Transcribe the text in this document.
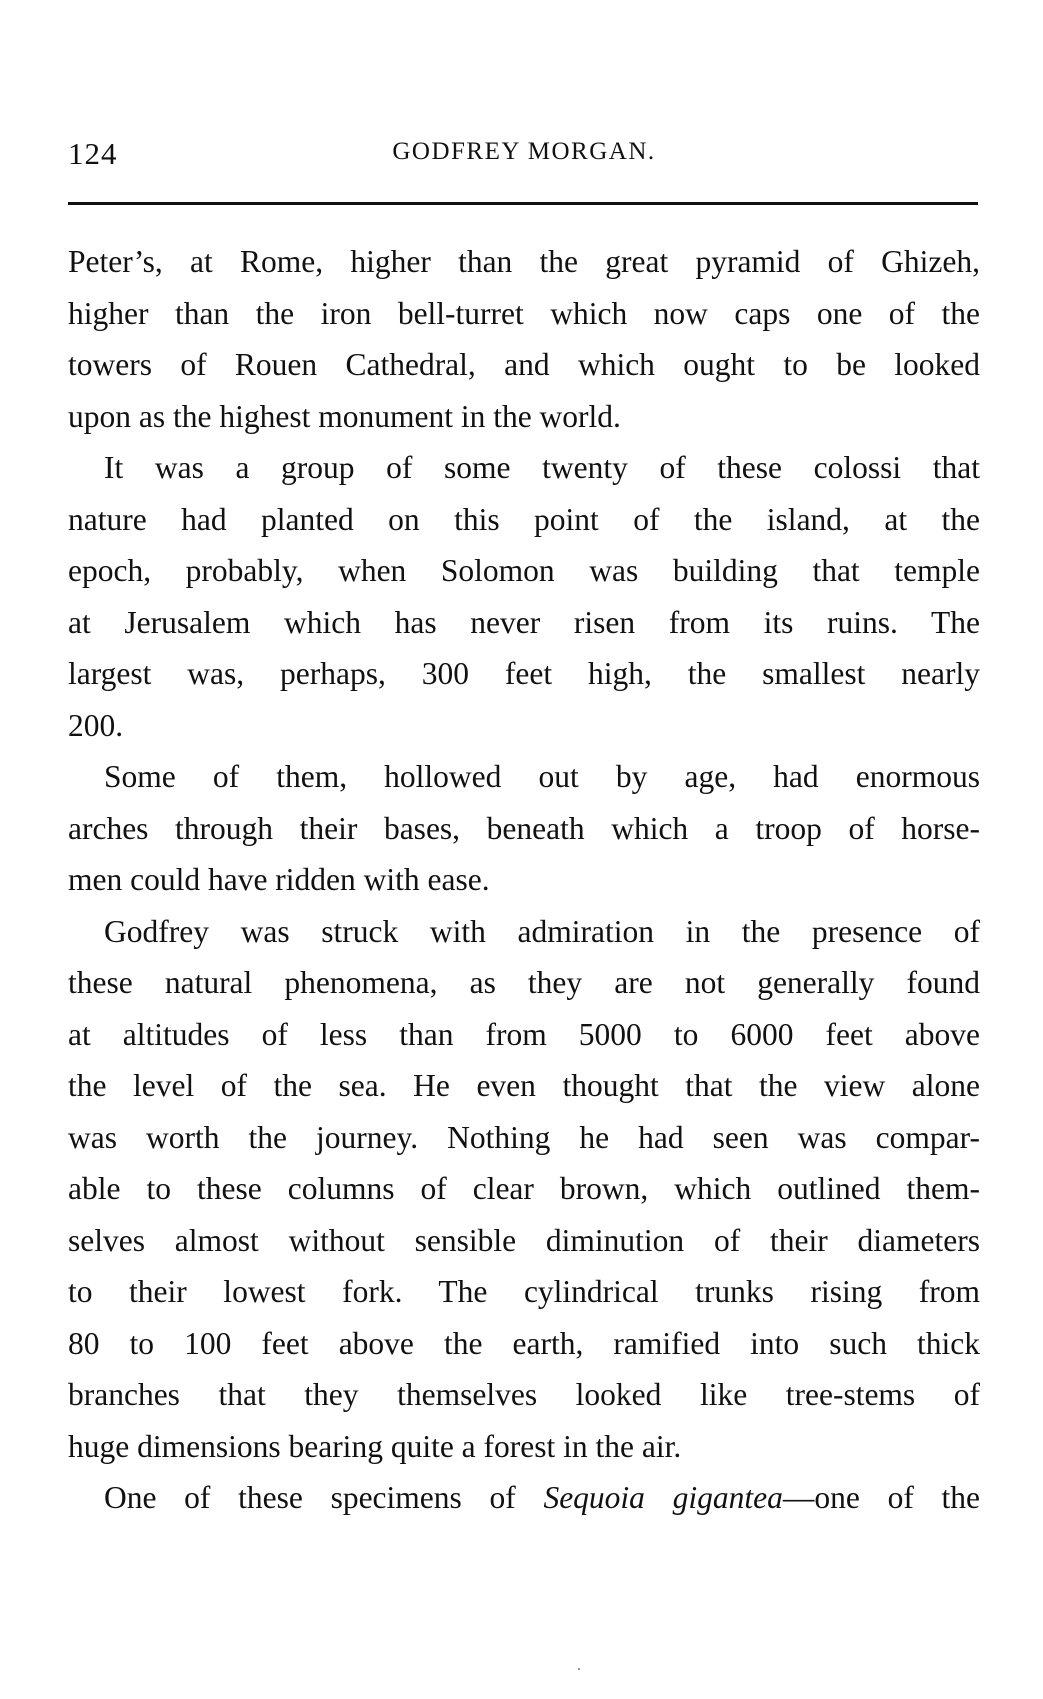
124	GODFREY MORGAN.
Peter’s, at Rome, higher than the great pyramid of Ghizeh,
higher than the iron bell-turret which now caps one of the
towers of Rouen Cathedral, and which ought to be looked
upon as the highest monument in the world.
It was a group of some twenty of these colossi that
nature had planted on this point of the island, at the
epoch, probably, when Solomon was building that temple
at Jerusalem which has never risen from its ruins. The
largest was, perhaps, 300 feet high, the smallest nearly
200.
Some of them, hollowed out by age, had enormous
arches through their bases, beneath which a troop of horse-
men could have ridden with ease.
Godfrey was struck with admiration in the presence of
these natural phenomena, as they are not generally found
at altitudes of less than from 5000 to 6000 feet above
the level of the sea. He even thought that the view alone
was worth the journey. Nothing he had seen was compar-
able to these columns of clear brown, which outlined them-
selves almost without sensible diminution of their diameters
to their lowest fork. The cylindrical trunks rising from
80 to 100 feet above the earth, ramified into such thick
branches that they themselves looked like tree-stems of
huge dimensions bearing quite a forest in the air.
One of these specimens of Sequoia gigantea—one of the
